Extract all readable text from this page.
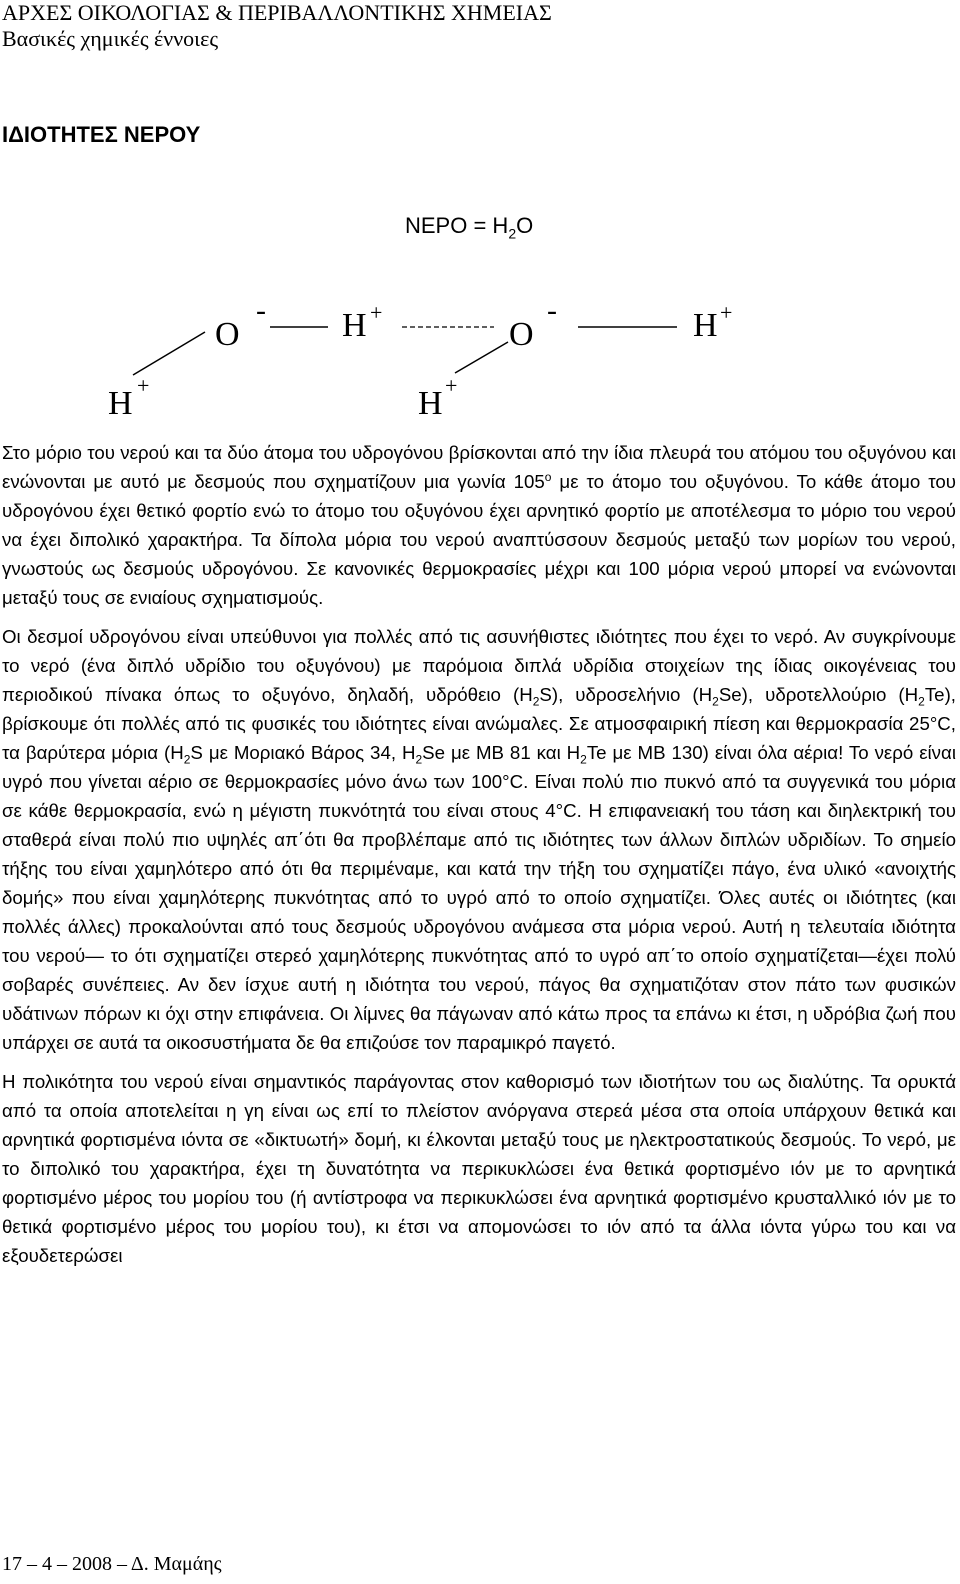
ΑΡΧΕΣ ΟΙΚΟΛΟΓΙΑΣ & ΠΕΡΙΒΑΛΛΟΝΤΙΚΗΣ ΧΗΜΕΙΑΣ
Βασικές χημικές έννοιες
ΙΔΙΟΤΗΤΕΣ ΝΕΡΟΥ
$NEPO = H_2O$
O
- H +
O
-	H +
H +	H +

Στο μόριο του νερού και τα δύο άτομα του υδρογόνου βρίσκονται από την ίδια πλευρά του ατόμου του οξυγόνου και ενώνονται με αυτό με δεσμούς που σχηματίζουν μια γωνία $105^o$ με το άτομο του οξυγόνου. Το κάθε άτομο του υδρογόνου έχει θετικό φορτίο ενώ το άτομο του οξυγόνου έχει αρνητικό φορτίο με αποτέλεσμα το μόριο του νερού να έχει διπολικό χαρακτήρα. Τα δίπολα μόρια του νερού αναπτύσσουν δεσμούς μεταξύ των μορίων του νερού, γνωστούς ως δεσμούς υδρογόνου. Σε κανονικές θερμοκρασίες μέχρι και 100 μόρια νερού μπορεί να ενώνονται μεταξύ τους σε ενιαίους σχηματισμούς.

Οι δεσμοί υδρογόνου είναι υπεύθυνοι για πολλές από τις ασυνήθιστες ιδιότητες που έχει το νερό. Αν συγκρίνουμε το νερό (ένα διπλό υδρίδιο του οξυγόνου) με παρόμοια διπλά υδρίδια στοιχείων της ίδιας οικογένειας του περιοδικού πίνακα όπως το οξυγόνο, δηλαδή, υδρόθειο $(H_2S)$, υδροσελήνιο $(H_2Se)$, υδροτελλούριο $(H_2Te)$, βρίσκουμε ότι πολλές από τις φυσικές του ιδιότητες είναι ανώμαλες. Σε ατμοσφαιρική πίεση και θερμοκρασία 25°C, τα βαρύτερα μόρια ($H_2S$ με Μοριακό Βάρος 34, $H_2Se$ με ΜΒ 81 και $H_2Te$ με ΜΒ 130) είναι όλα αέρια! Το νερό είναι υγρό που γίνεται αέριο σε θερμοκρασίες μόνο άνω των 100°C. Είναι πολύ πιο πυκνό από τα συγγενικά του μόρια σε κάθε θερμοκρασία, ενώ η μέγιστη πυκνότητά του είναι στους 4°C. Η επιφανειακή του τάση και διηλεκτρική του σταθερά είναι πολύ πιο υψηλές απ΄ότι θα προβλέπαμε από τις ιδιότητες των άλλων διπλών υδριδίων. Το σημείο τήξης του είναι χαμηλότερο από ότι θα περιμέναμε, και κατά την τήξη του σχηματίζει πάγο, ένα υλικό «ανοιχτής δομής» που είναι χαμηλότερης πυκνότητας από το υγρό από το οποίο σχηματίζει. Όλες αυτές οι ιδιότητες (και πολλές άλλες) προκαλούνται από τους δεσμούς υδρογόνου ανάμεσα στα μόρια νερού. Αυτή η τελευταία ιδιότητα του νερού— το ότι σχηματίζει στερεό χαμηλότερης πυκνότητας από το υγρό απ΄το οποίο σχηματίζεται—έχει πολύ σοβαρές συνέπειες. Αν δεν ίσχυε αυτή η ιδιότητα του νερού, πάγος θα σχηματιζόταν στον πάτο των φυσικών υδάτινων πόρων κι όχι στην επιφάνεια. Οι λίμνες θα πάγωναν από κάτω προς τα επάνω κι έτσι, η υδρόβια ζωή που υπάρχει σε αυτά τα οικοσυστήματα δε θα επιζούσε τον παραμικρό παγετό.

Η πολικότητα του νερού είναι σημαντικός παράγοντας στον καθορισμό των ιδιοτήτων του ως διαλύτης. Τα ορυκτά από τα οποία αποτελείται η γη είναι ως επί το πλείστον ανόργανα στερεά μέσα στα οποία υπάρχουν θετικά και αρνητικά φορτισμένα ιόντα σε «δικτυωτή» δομή, κι έλκονται μεταξύ τους με ηλεκτροστατικούς δεσμούς. Το νερό, με το διπολικό του χαρακτήρα, έχει τη δυνατότητα να περικυκλώσει ένα θετικά φορτισμένο ιόν με το αρνητικά φορτισμένο μέρος του μορίου του (ή αντίστροφα να περικυκλώσει ένα αρνητικά φορτισμένο κρυσταλλικό ιόν με το θετικά φορτισμένο μέρος του μορίου του), κι έτσι να απομονώσει το ιόν από τα άλλα ιόντα γύρω του και να εξουδετερώσει

17 – 4 – 2008 – Δ. Μαμάης
